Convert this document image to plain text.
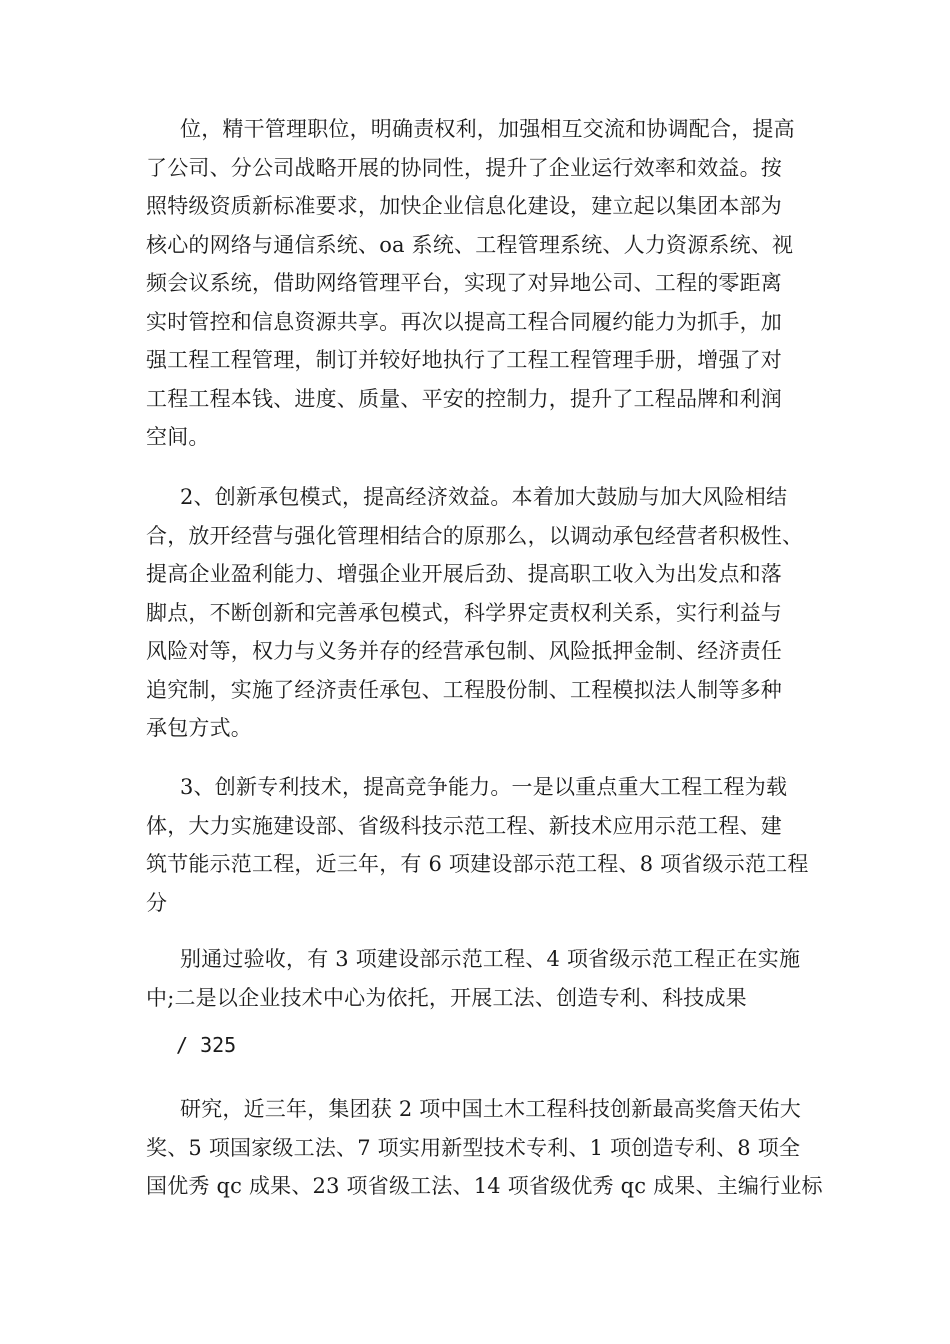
位，精干管理职位，明确责权利，加强相互交流和协调配合，提高
了公司、分公司战略开展的协同性，提升了企业运行效率和效益。按
照特级资质新标准要求，加快企业信息化建设，建立起以集团本部为
核心的网络与通信系统、oa 系统、工程管理系统、人力资源系统、视
频会议系统，借助网络管理平台，实现了对异地公司、工程的零距离
实时管控和信息资源共享。再次以提高工程合同履约能力为抓手，加
强工程工程管理，制订并较好地执行了工程工程管理手册，增强了对
工程工程本钱、进度、质量、平安的控制力，提升了工程品牌和利润
空间。

2、创新承包模式，提高经济效益。本着加大鼓励与加大风险相结
合，放开经营与强化管理相结合的原那么，以调动承包经营者积极性、
提高企业盈利能力、增强企业开展后劲、提高职工收入为出发点和落
脚点，不断创新和完善承包模式，科学界定责权利关系，实行利益与
风险对等，权力与义务并存的经营承包制、风险抵押金制、经济责任
追究制，实施了经济责任承包、工程股份制、工程模拟法人制等多种
承包方式。

3、创新专利技术，提高竞争能力。一是以重点重大工程工程为载
体，大力实施建设部、省级科技示范工程、新技术应用示范工程、建
筑节能示范工程，近三年，有 6 项建设部示范工程、8 项省级示范工程
分

别通过验收，有 3 项建设部示范工程、4 项省级示范工程正在实施
中;二是以企业技术中心为依托，开展工法、创造专利、科技成果

/ 325

研究，近三年，集团获 2 项中国土木工程科技创新最高奖詹天佑大
奖、5 项国家级工法、7 项实用新型技术专利、1 项创造专利、8 项全
国优秀 qc 成果、23 项省级工法、14 项省级优秀 qc 成果、主编行业标
